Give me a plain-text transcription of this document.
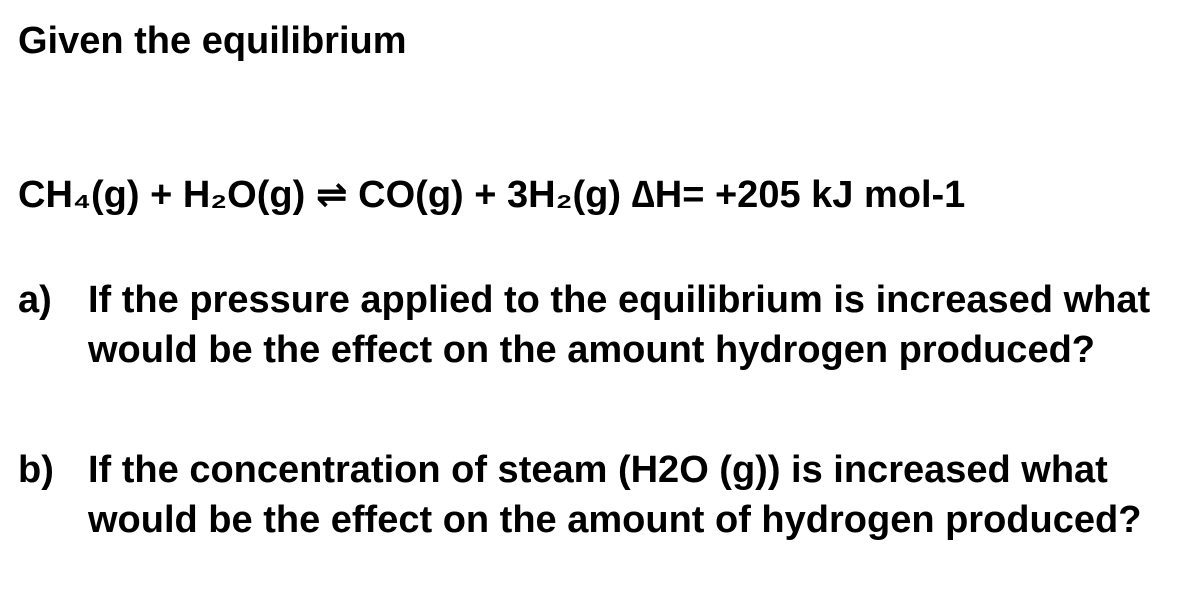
Given the equilibrium
CH₄(g) + H₂O(g) ⇌ CO(g) + 3H₂(g) ∆H= +205 kJ mol-1
a) If the pressure applied to the equilibrium is increased what would be the effect on the amount hydrogen produced?
b) If the concentration of steam (H2O (g)) is increased what would be the effect on the amount of hydrogen produced?
